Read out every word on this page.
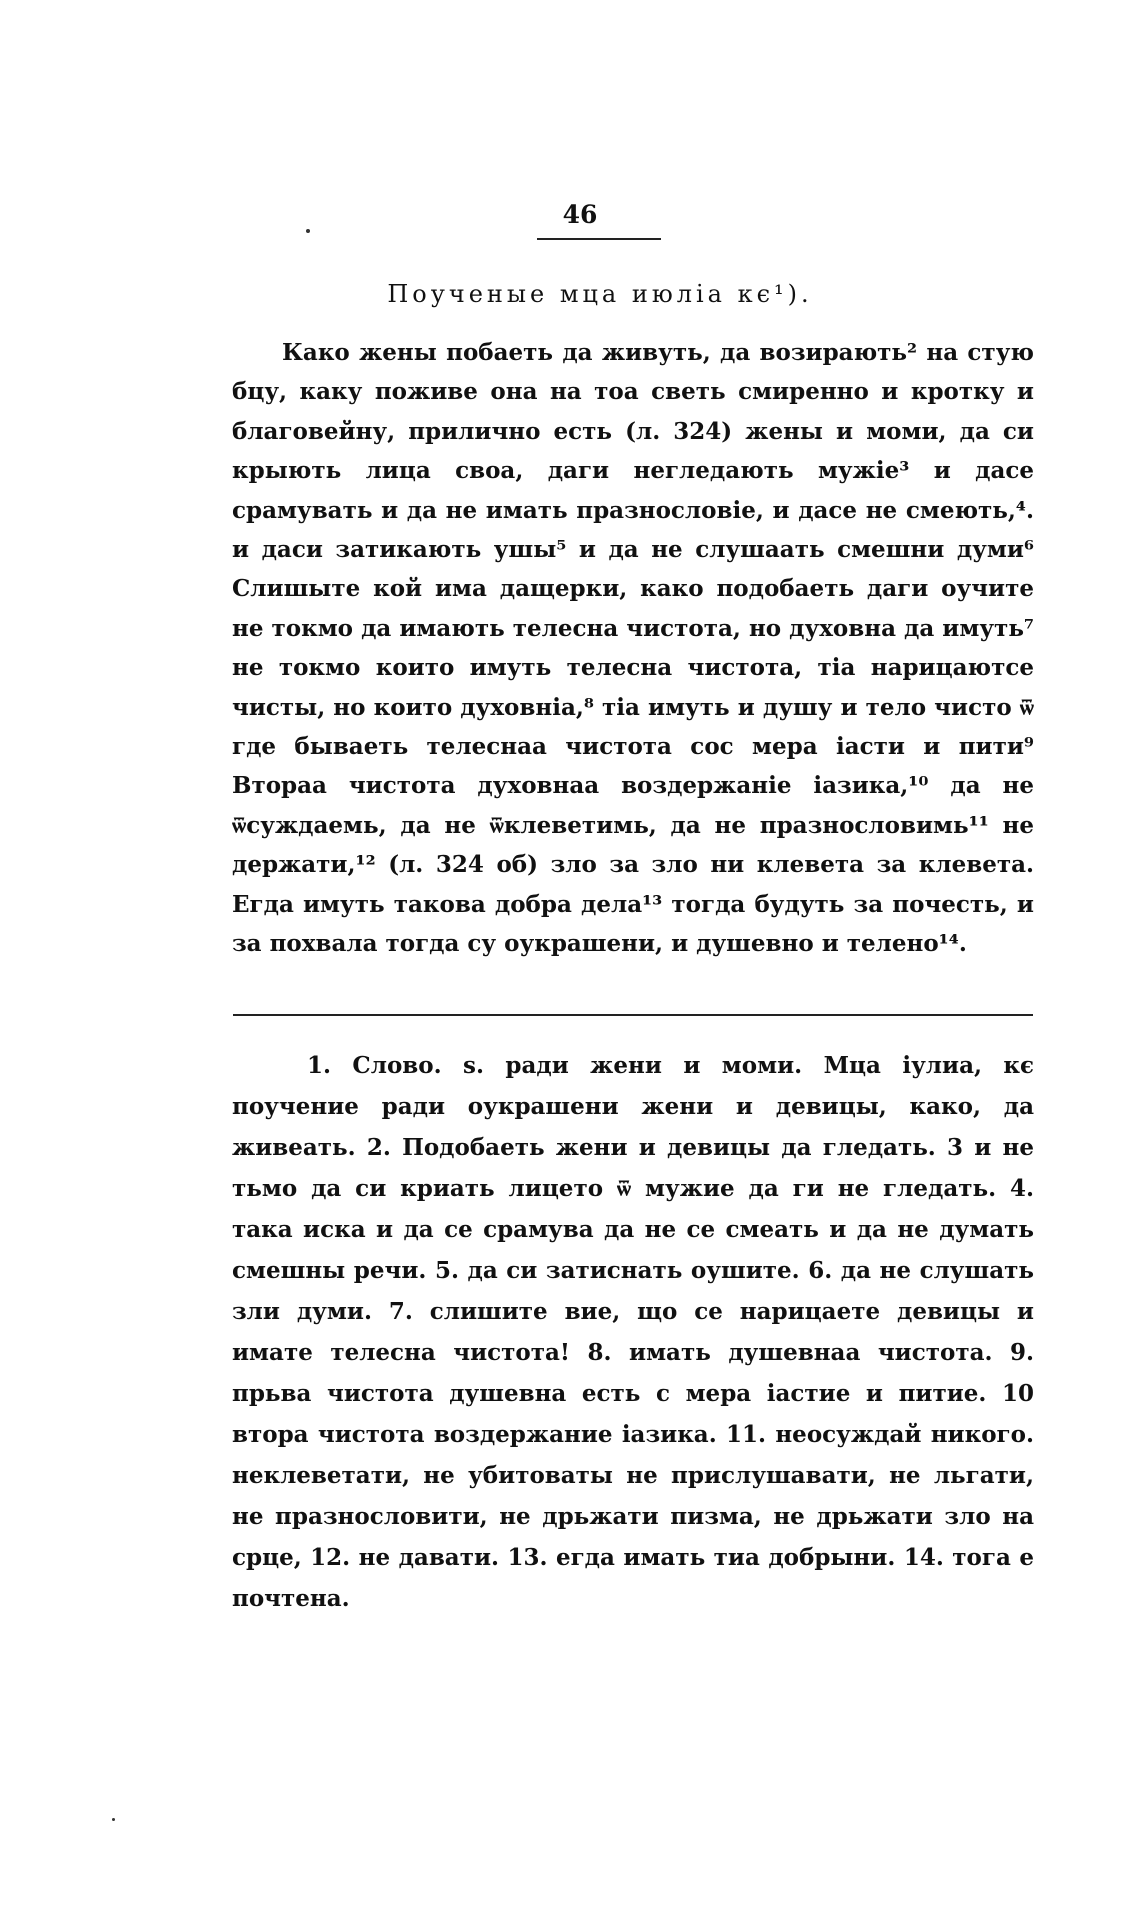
46
Поученые мца июліа кє¹).
Како жены побаеть да живуть, да возирають² на стую бцу, каку поживе она на тоа светь смиренно и кротку и благовейну, прилично есть (л. 324) жены и моми, да си крыють лица своа, даги негледають мужіе³ и дасе срамувать и да не имать празнословіе, и дасе не смеють,⁴. и даси затикають ушы⁵ и да не слушаать смешни думи⁶ Слишыте кой има дащерки, како подобаеть даги оучите не токмо да имають телесна чистота, но духовна да имуть⁷ не токмо които имуть телесна чистота, тіа нарицаютсе чисты, но които духовніа,⁸ тіа имуть и душу и тело чисто ѿ где бываеть телеснаа чистота сос мера іасти и пити⁹ Втораа чистота духовнаа воздержаніе іазика,¹⁰ да не ѿсуждаемь, да не ѿклеветимь, да не празнословимь¹¹ не держати,¹² (л. 324 об) зло за зло ни клевета за клевета. Егда имуть такова добра дела¹³ тогда будуть за почесть, и за похвала тогда су оукрашени, и душевно и телено¹⁴.
1. Слово. ѕ. ради жени и моми. Мца іулиа, кє поучение ради оукрашени жени и девицы, како, да живеать. 2. Подобаеть жени и девицы да гледать. 3 и не тьмо да си криать лицето ѿ мужие да ги не гледать. 4. така иска и да се срамува да не се смеать и да не думать смешны речи. 5. да си затиснать оушите. 6. да не слушать зли думи. 7. слишите вие, що се нарицаете девицы и имате телесна чистота! 8. имать душевнаа чистота. 9. прьва чистота душевна есть с мера іастие и питие. 10 втора чистота воздержание іазика. 11. неосуждай никого. неклеветати, не убитоваты не прислушавати, не льгати, не празнословити, не дрьжати пизма, не дрьжати зло на срце, 12. не давати. 13. егда имать тиа добрыни. 14. тога е почтена.
